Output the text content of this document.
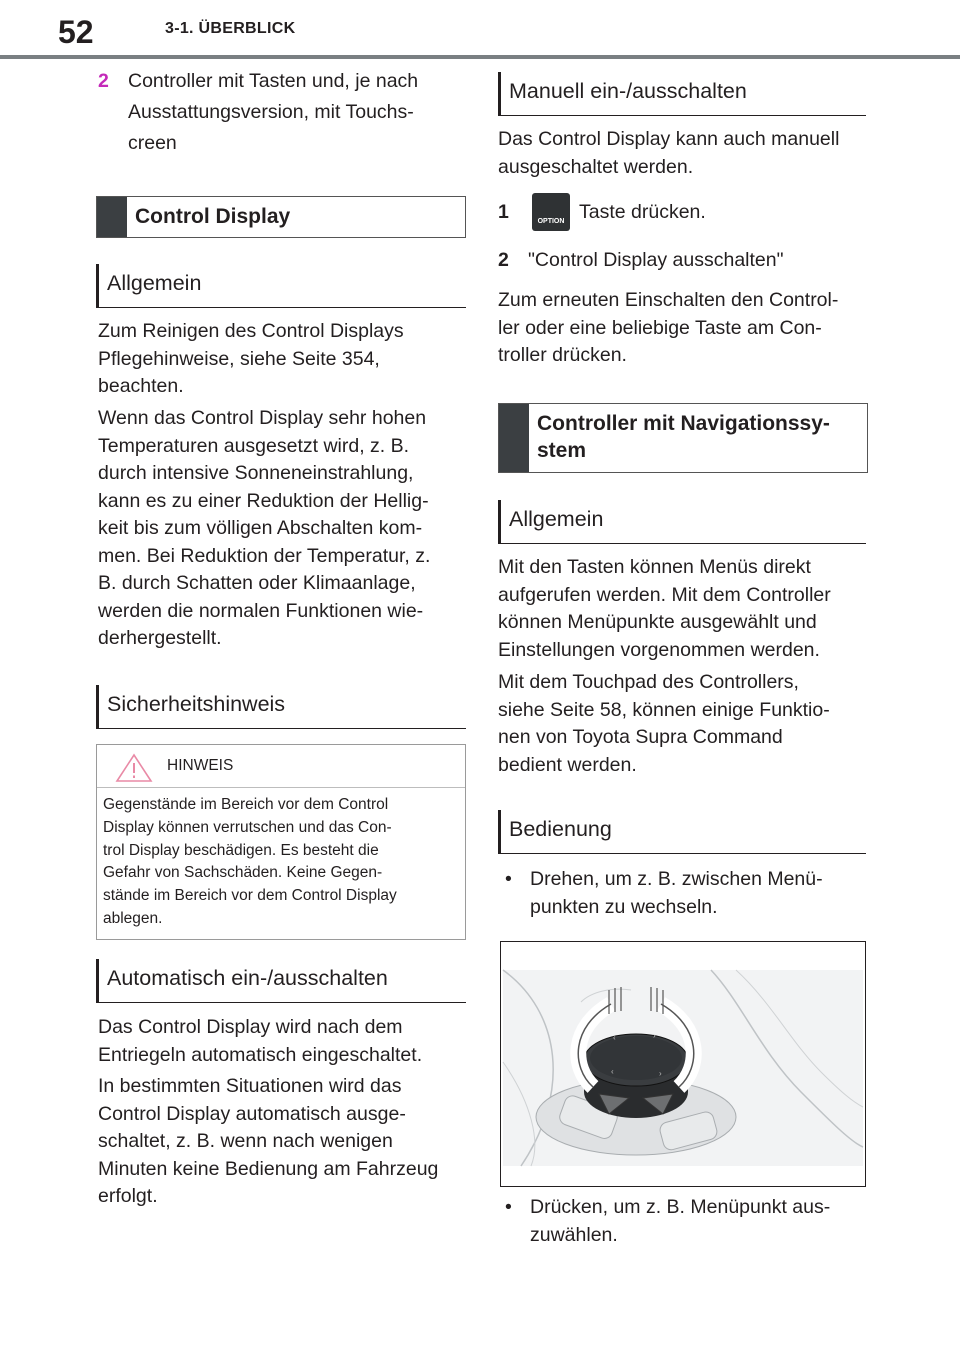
52	3-1. ÜBERBLICK
2 Controller mit Tasten und, je nach
Ausstattungsversion, mit Touchs-
creen
Control Display
Allgemein

Zum Reinigen des Control Displays

Pflegehinweise, siehe Seite 354,

beachten.

Wenn das Control Display sehr hohen

Temperaturen ausgesetzt wird, z. B.

durch intensive Sonneneinstrahlung,

kann es zu einer Reduktion der Hellig-

keit bis zum völligen Abschalten kom-

men. Bei Reduktion der Temperatur, z.

B. durch Schatten oder Klimaanlage,

werden die normalen Funktionen wie-

derhergestellt.

Sicherheitshinweis
HINWEIS
Gegenstände im Bereich vor dem Control
Display können verrutschen und das Con-
trol Display beschädigen. Es besteht die
Gefahr von Sachschäden. Keine Gegen-
stände im Bereich vor dem Control Display
ablegen.
Automatisch ein-/ausschalten

Das Control Display wird nach dem

Entriegeln automatisch eingeschaltet.

In bestimmten Situationen wird das

Control Display automatisch ausge-

schaltet, z. B. wenn nach wenigen

Minuten keine Bedienung am Fahrzeug

erfolgt.

Manuell ein-/ausschalten

Das Control Display kann auch manuell

ausgeschaltet werden.

1	OPTION Taste drücken.
2 "Control Display ausschalten"

Zum erneuten Einschalten den Control-

ler oder eine beliebige Taste am Con-

troller drücken.

Controller mit Navigationssy-
stem
Allgemein

Mit den Tasten können Menüs direkt

aufgerufen werden. Mit dem Controller

können Menüpunkte ausgewählt und

Einstellungen vorgenommen werden.

Mit dem Touchpad des Controllers,

siehe Seite 58, können einige Funktio-

nen von Toyota Supra Command

bedient werden.

Bedienung
• Drehen, um z. B. zwischen Menü-
punkten zu wechseln.
‹	›
‹	›
• Drücken, um z. B. Menüpunkt aus-
zuwählen.
